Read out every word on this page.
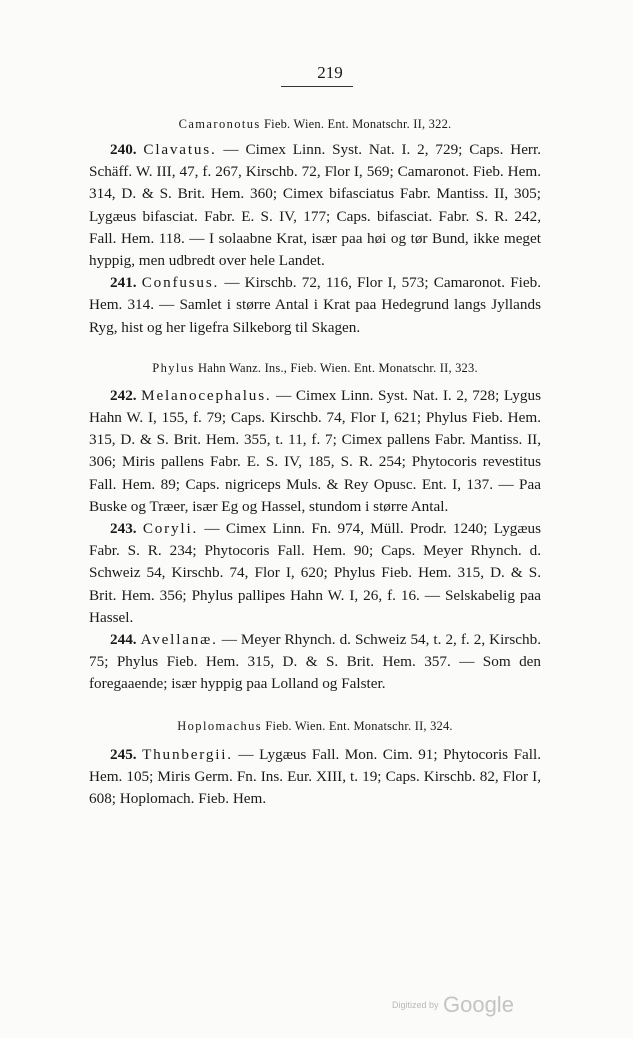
219
Camaronotus Fieb. Wien. Ent. Monatschr. II, 322.

240. Clavatus. — Cimex Linn. Syst. Nat. I. 2, 729; Caps. Herr. Schäff. W. III, 47, f. 267, Kirschb. 72, Flor I, 569; Camaronot. Fieb. Hem. 314, D. & S. Brit. Hem. 360; Cimex bifasciatus Fabr. Mantiss. II, 305; Lygæus bifasciat. Fabr. E. S. IV, 177; Caps. bifasciat. Fabr. S. R. 242, Fall. Hem. 118. — I solaabne Krat, især paa høi og tør Bund, ikke meget hyppig, men udbredt over hele Landet.

241. Confusus. — Kirschb. 72, 116, Flor I, 573; Camaronot. Fieb. Hem. 314. — Samlet i større Antal i Krat paa Hedegrund langs Jyllands Ryg, hist og her ligefra Silkeborg til Skagen.

Phylus Hahn Wanz. Ins., Fieb. Wien. Ent. Monatschr. II, 323.

242. Melanocephalus. — Cimex Linn. Syst. Nat. I. 2, 728; Lygus Hahn W. I, 155, f. 79; Caps. Kirschb. 74, Flor I, 621; Phylus Fieb. Hem. 315, D. & S. Brit. Hem. 355, t. 11, f. 7; Cimex pallens Fabr. Mantiss. II, 306; Miris pallens Fabr. E. S. IV, 185, S. R. 254; Phytocoris revestitus Fall. Hem. 89; Caps. nigriceps Muls. & Rey Opusc. Ent. I, 137. — Paa Buske og Træer, især Eg og Hassel, stundom i større Antal.

243. Coryli. — Cimex Linn. Fn. 974, Müll. Prodr. 1240; Lygæus Fabr. S. R. 234; Phytocoris Fall. Hem. 90; Caps. Meyer Rhynch. d. Schweiz 54, Kirschb. 74, Flor I, 620; Phylus Fieb. Hem. 315, D. & S. Brit. Hem. 356; Phylus pallipes Hahn W. I, 26, f. 16. — Selskabelig paa Hassel.

244. Avellanæ. — Meyer Rhynch. d. Schweiz 54, t. 2, f. 2, Kirschb. 75; Phylus Fieb. Hem. 315, D. & S. Brit. Hem. 357. — Som den foregaaende; især hyppig paa Lolland og Falster.

Hoplomachus Fieb. Wien. Ent. Monatschr. II, 324.

245. Thunbergii. — Lygæus Fall. Mon. Cim. 91; Phytocoris Fall. Hem. 105; Miris Germ. Fn. Ins. Eur. XIII, t. 19; Caps. Kirschb. 82, Flor I, 608; Hoplomach. Fieb. Hem.

$^{Digitized by}$ Google
